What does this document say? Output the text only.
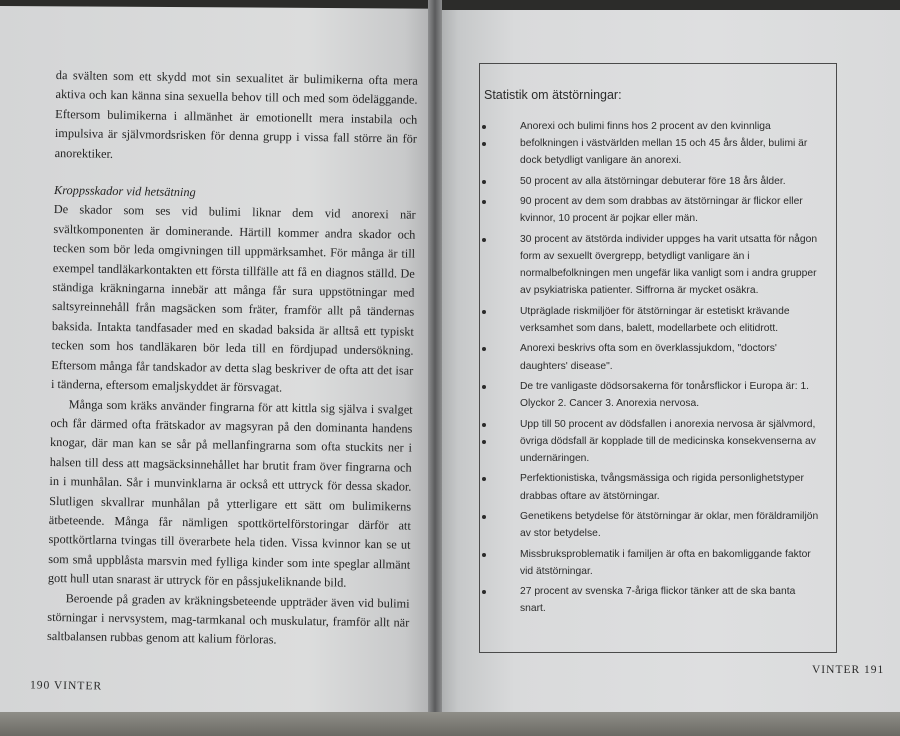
da svälten som ett skydd mot sin sexualitet är bulimikerna ofta mera aktiva och kan känna sina sexuella behov till och med som ödeläggande. Eftersom bulimikerna i allmänhet är emotionellt mera instabila och impulsiva är självmordsrisken för denna grupp i vissa fall större än för anorektiker.

Kroppsskador vid hetsätning

De skador som ses vid bulimi liknar dem vid anorexi när svältkomponenten är dominerande. Härtill kommer andra skador och tecken som bör leda omgivningen till uppmärksamhet. För många är till exempel tandläkarkontakten ett första tillfälle att få en diagnos ställd. De ständiga kräkningarna innebär att många får sura uppstötningar med saltsyreinnehåll från magsäcken som fräter, framför allt på tändernas baksida. Intakta tandfasader med en skadad baksida är alltså ett typiskt tecken som hos tandläkaren bör leda till en fördjupad undersökning. Eftersom många får tandskador av detta slag beskriver de ofta att det isar i tänderna, eftersom emaljskyddet är försvagat.

Många som kräks använder fingrarna för att kittla sig själva i svalget och får därmed ofta frätskador av magsyran på den dominanta handens knogar, där man kan se sår på mellanfingrarna som ofta stuckits ner i halsen till dess att magsäcksinnehållet har brutit fram över fingrarna och in i munhålan. Sår i munvinklarna är också ett uttryck för dessa skador. Slutligen skvallrar munhålan på ytterligare ett sätt om bulimikerns ätbeteende. Många får nämligen spottkörtelförstoringar därför att spottkörtlarna tvingas till överarbete hela tiden. Vissa kvinnor kan se ut som små uppblåsta marsvin med fylliga kinder som inte speglar allmänt gott hull utan snarast är uttryck för en påssjukeliknande bild.

Beroende på graden av kräkningsbeteende uppträder även vid bulimi störningar i nervsystem, mag-tarmkanal och muskulatur, framför allt när saltbalansen rubbas genom att kalium förloras.

190 VINTER
VINTER 191
Statistik om ätstörningar:
Anorexi och bulimi finns hos 2 procent av den kvinnliga befolkningen i västvärlden mellan 15 och 45 års ålder, bulimi är dock betydligt vanligare än anorexi.
50 procent av alla ätstörningar debuterar före 18 års ålder.
90 procent av dem som drabbas av ätstörningar är flickor eller kvinnor, 10 procent är pojkar eller män.
30 procent av ätstörda individer uppges ha varit utsatta för någon form av sexuellt övergrepp, betydligt vanligare än i normalbefolkningen men ungefär lika vanligt som i andra grupper av psykiatriska patienter. Siffrorna är mycket osäkra.
Utpräglade riskmiljöer för ätstörningar är estetiskt krävande verksamhet som dans, balett, modellarbete och elitidrott.
Anorexi beskrivs ofta som en överklassjukdom, "doctors' daughters' disease".
De tre vanligaste dödsorsakerna för tonårsflickor i Europa är: 1. Olyckor 2. Cancer 3. Anorexia nervosa.
Upp till 50 procent av dödsfallen i anorexia nervosa är självmord, övriga dödsfall är kopplade till de medicinska konsekvenserna av undernäringen.
Perfektionistiska, tvångsmässiga och rigida personlighetstyper drabbas oftare av ätstörningar.
Genetikens betydelse för ätstörningar är oklar, men föräldramiljön av stor betydelse.
Missbruksproblematik i familjen är ofta en bakomliggande faktor vid ätstörningar.
27 procent av svenska 7-åriga flickor tänker att de ska banta snart.
